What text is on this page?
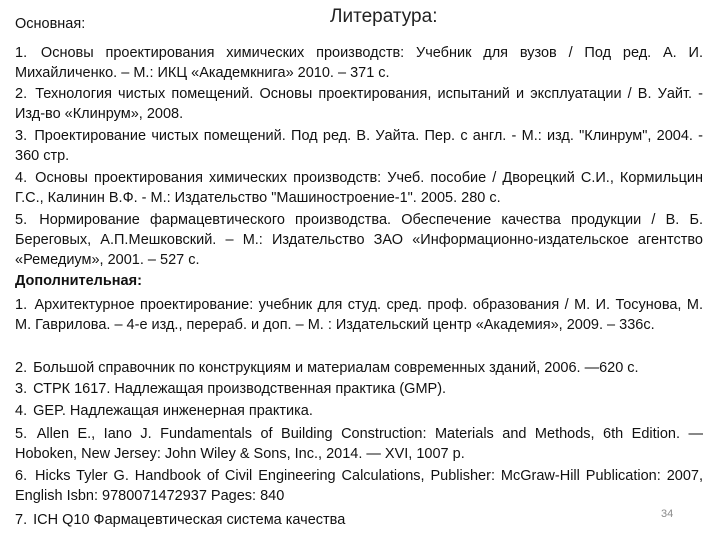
Литература:
Основная:
1. Основы проектирования химических производств: Учебник для вузов / Под ред. А. И. Михайличенко. – М.: ИКЦ «Академкнига» 2010. – 371 с.
2. Технология чистых помещений. Основы проектирования, испытаний и эксплуатации / В. Уайт. - Изд-во «Клинрум», 2008.
3. Проектирование чистых помещений. Под ред. В. Уайта. Пер. с англ. - М.: изд. "Клинрум", 2004. - 360 стр.
4. Основы проектирования химических производств: Учеб. пособие / Дворецкий С.И., Кормильцин Г.С., Калинин В.Ф. - М.: Издательство "Машиностроение-1". 2005. 280 с.
5. Нормирование фармацевтического производства. Обеспечение качества продукции / В. Б. Береговых, А.П.Мешковский. – М.: Издательство ЗАО «Информационно-издательское агентство «Ремедиум», 2001. – 527 с.
Дополнительная:
1. Архитектурное проектирование: учебник для студ. сред. проф. образования / М. И. Тосунова, М. М. Гаврилова. – 4-е изд., перераб. и доп. – М. : Издательский центр «Академия», 2009. – 336с.
2. Большой справочник по конструкциям и материалам современных зданий, 2006. —620 с.
3. СТРК 1617. Надлежащая производственная практика (GMP).
4. GEP. Надлежащая инженерная практика.
5. Allen E., Iano J. Fundamentals of Building Construction: Materials and Methods, 6th Edition. — Hoboken, New Jersey: John Wiley & Sons, Inc., 2014. — XVI, 1007 p.
6. Hicks Tyler G. Handbook of Civil Engineering Calculations, Publisher: McGraw-Hill Publication: 2007, English Isbn: 9780071472937 Pages: 840
7. ICH Q10 Фармацевтическая система качества	34
